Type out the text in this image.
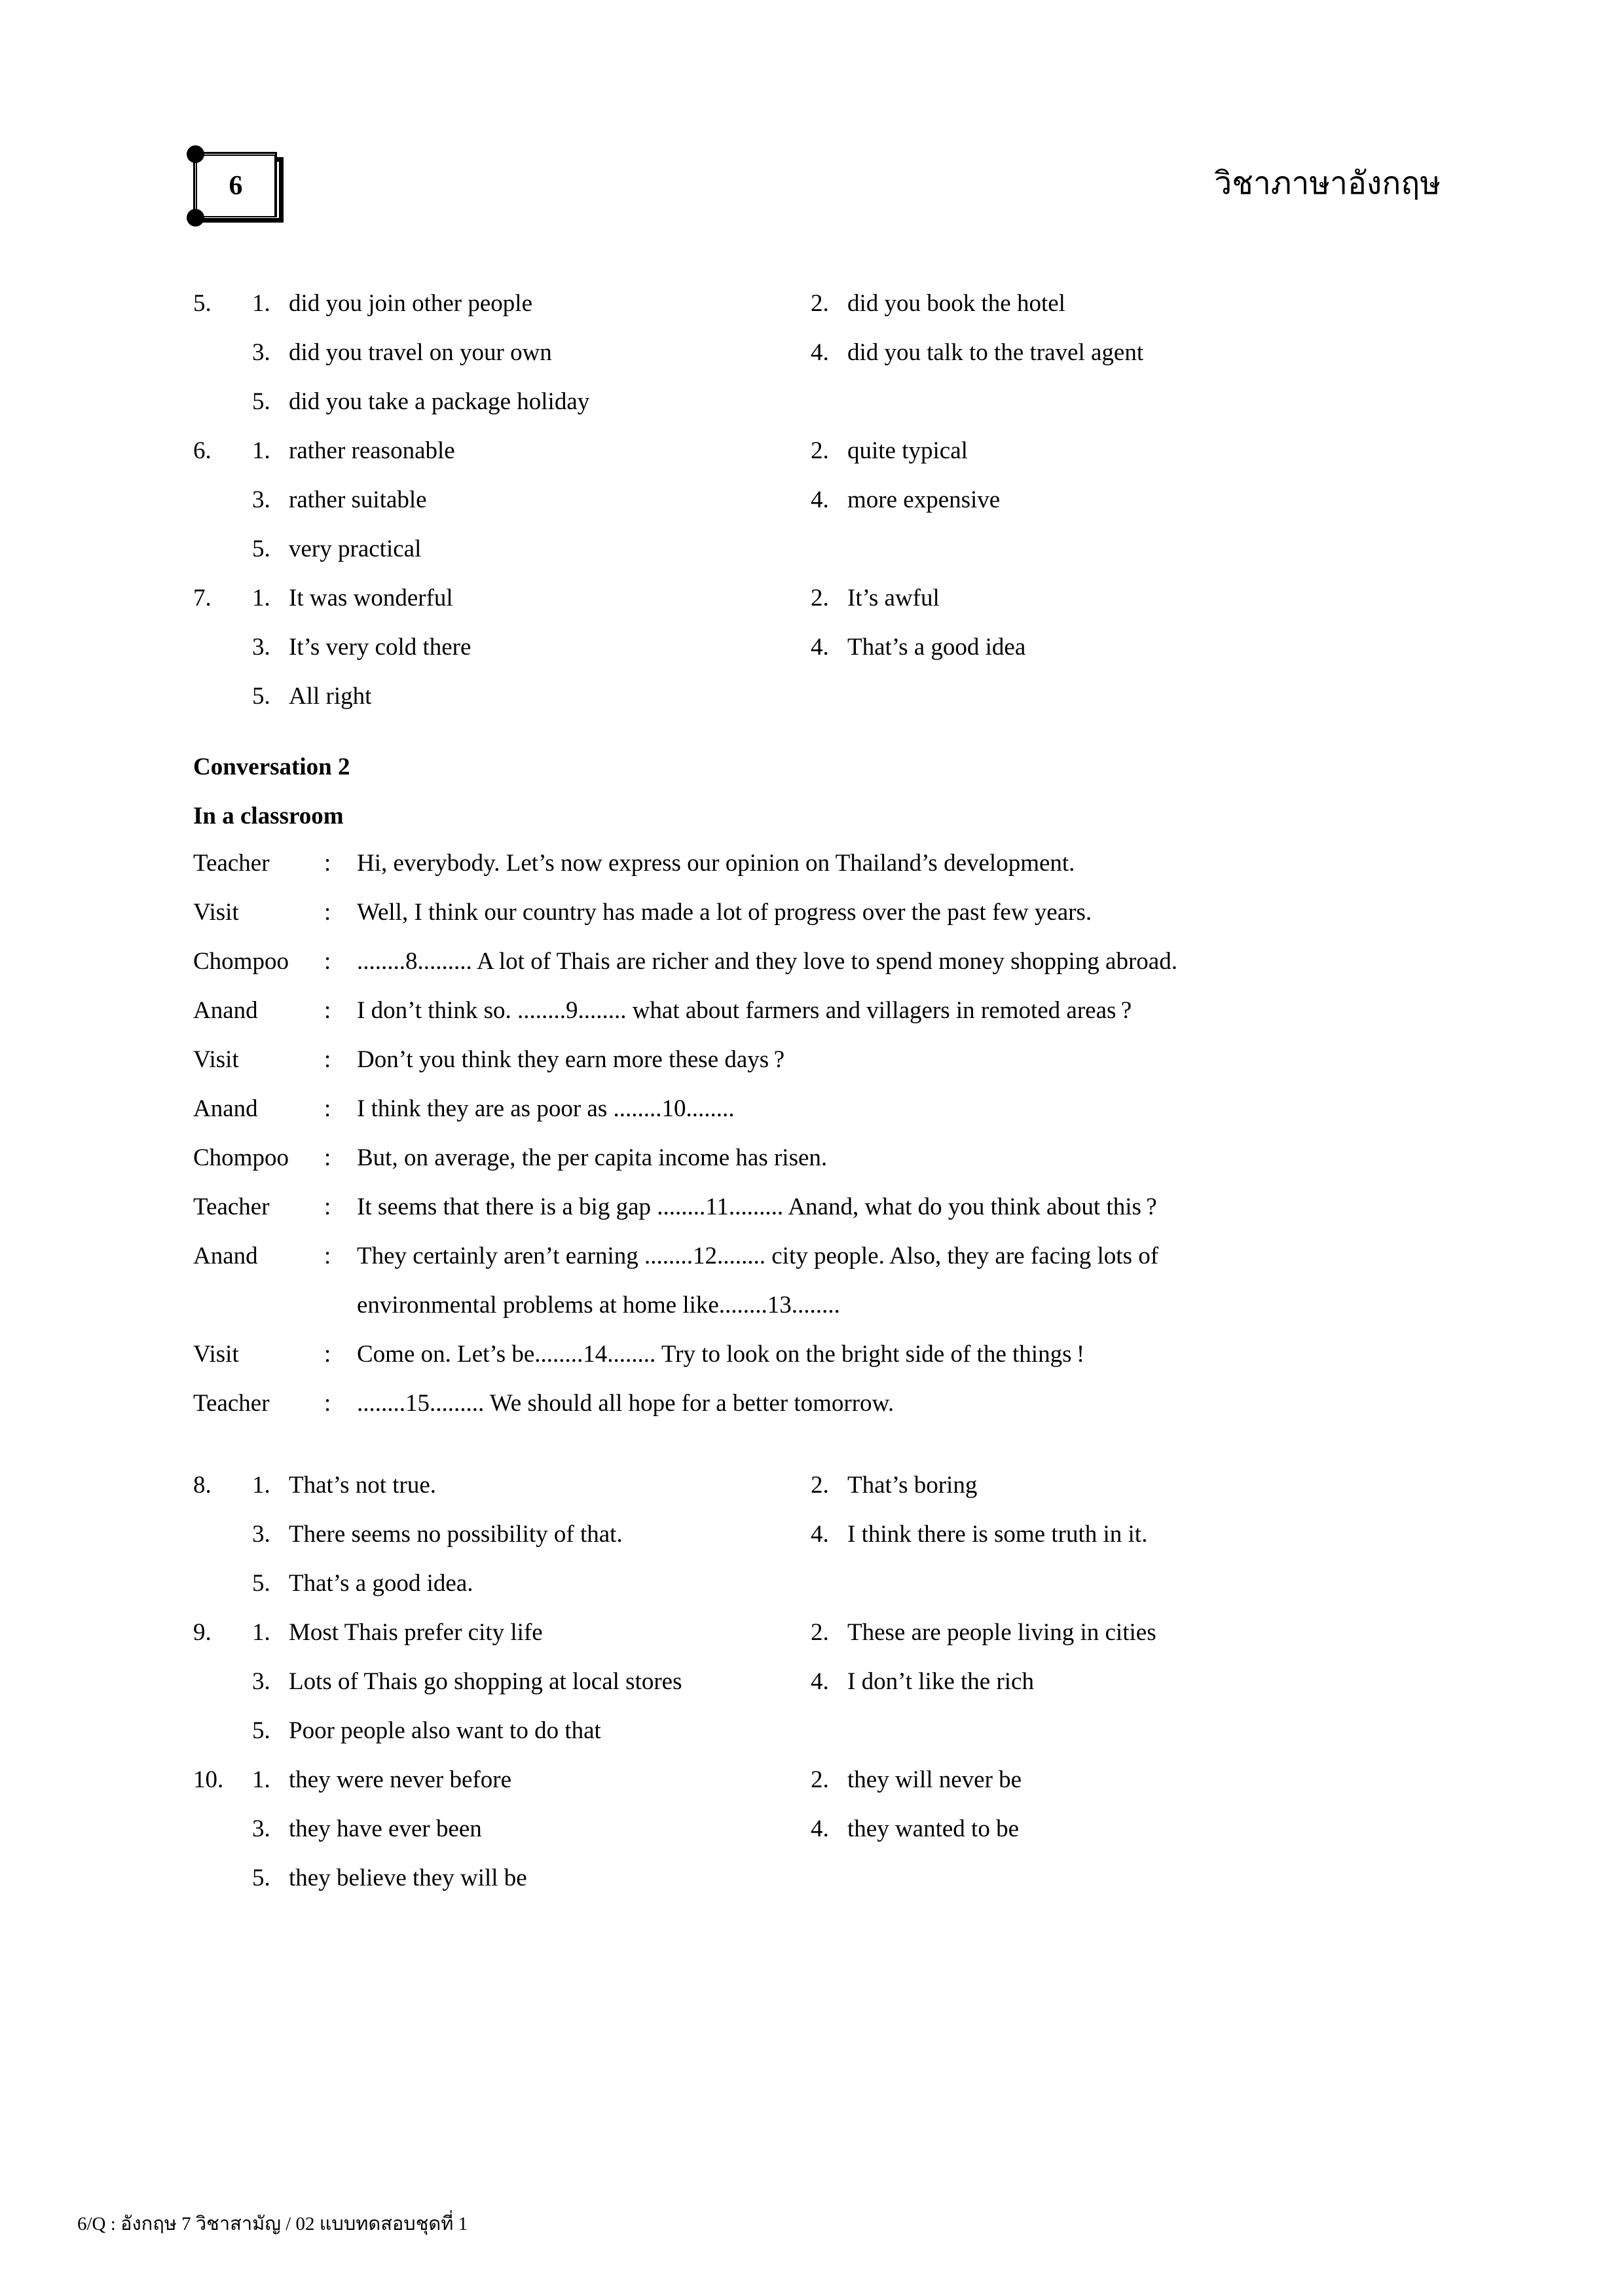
6	วิชาภาษาอังกฤษ
5.	1. did you join other people	2. did you book the hotel
3. did you travel on your own	4. did you talk to the travel agent
5. did you take a package holiday
6.	1. rather reasonable	2. quite typical
3. rather suitable	4. more expensive
5. very practical
7.	1. It was wonderful	2. It’s awful
3. It’s very cold there	4. That’s a good idea
5. All right
Conversation 2
In a classroom
Teacher : Hi, everybody. Let’s now express our opinion on Thailand’s development.
Visit	: Well, I think our country has made a lot of progress over the past few years.
Chompoo : ........8......... A lot of Thais are richer and they love to spend money shopping abroad.
Anand	: I don’t think so. ........9........ what about farmers and villagers in remoted areas ?
Visit	: Don’t you think they earn more these days ?
Anand	: I think they are as poor as ........10........
Chompoo : But, on average, the per capita income has risen.
Teacher : It seems that there is a big gap ........11......... Anand, what do you think about this ?
Anand	: They certainly aren’t earning ........12........ city people. Also, they are facing lots of
environmental problems at home like........13........
Visit	: Come on. Let’s be........14........ Try to look on the bright side of the things !
Teacher : ........15......... We should all hope for a better tomorrow.
8.	1. That’s not true.	2. That’s boring
3. There seems no possibility of that.	4. I think there is some truth in it.
5. That’s a good idea.
9.	1. Most Thais prefer city life	2. These are people living in cities
3. Lots of Thais go shopping at local stores	4. I don’t like the rich
5. Poor people also want to do that
10.	1. they were never before	2. they will never be
3. they have ever been	4. they wanted to be
5. they believe they will be
6/Q : อังกฤษ 7 วิชาสามัญ / 02 แบบทดสอบชุดที่ 1
